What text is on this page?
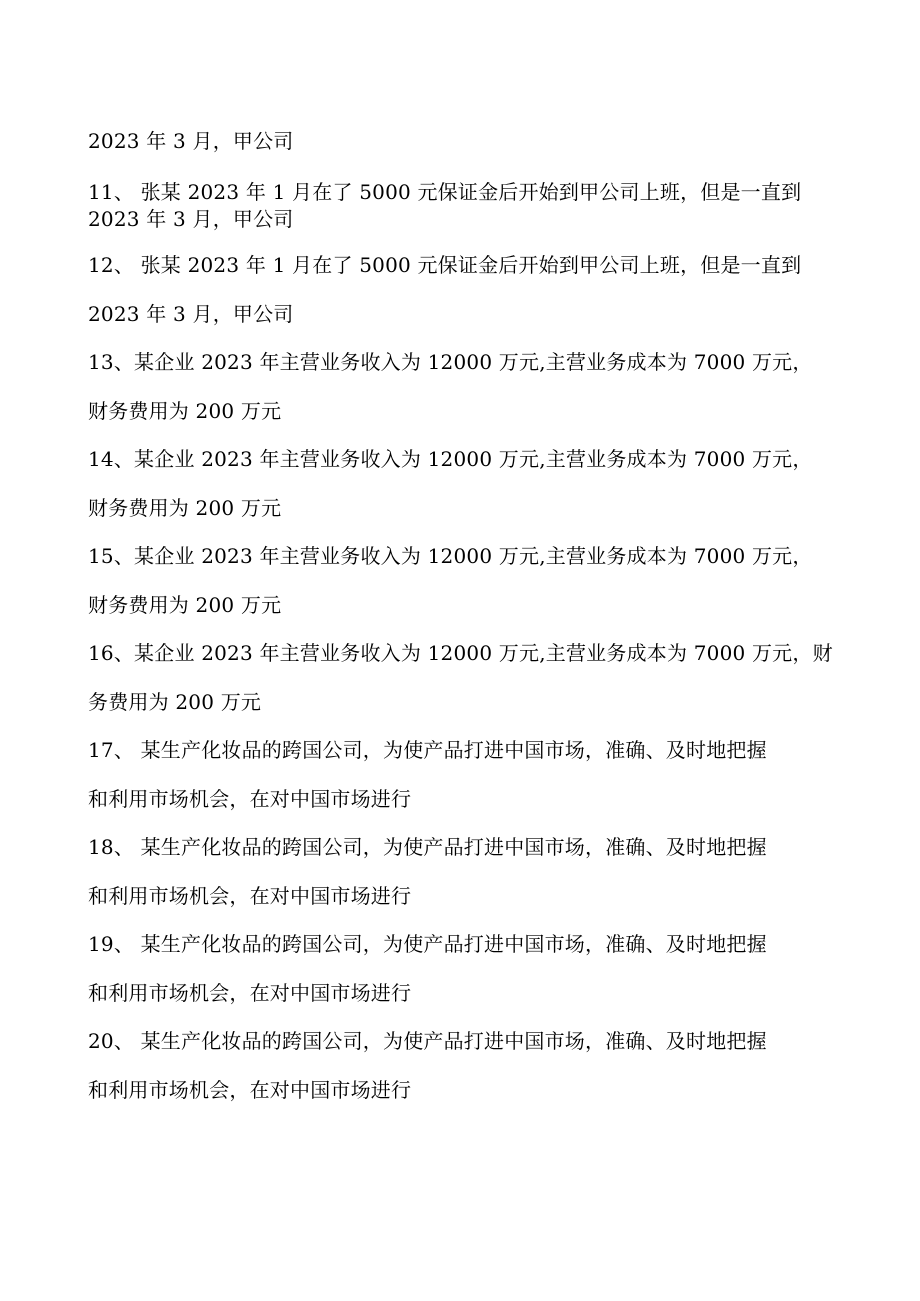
2023 年 3 月，甲公司
11、 张某 2023 年 1 月在了 5000 元保证金后开始到甲公司上班，但是一直到
2023 年 3 月，甲公司
12、 张某 2023 年 1 月在了 5000 元保证金后开始到甲公司上班，但是一直到
2023 年 3 月，甲公司
13、某企业 2023 年主营业务收入为 12000 万元,主营业务成本为 7000 万元，
财务费用为 200 万元
14、某企业 2023 年主营业务收入为 12000 万元,主营业务成本为 7000 万元，
财务费用为 200 万元
15、某企业 2023 年主营业务收入为 12000 万元,主营业务成本为 7000 万元，
财务费用为 200 万元
16、某企业 2023 年主营业务收入为 12000 万元,主营业务成本为 7000 万元，财
务费用为 200 万元
17、 某生产化妆品的跨国公司，为使产品打进中国市场，准确、及时地把握
和利用市场机会，在对中国市场进行
18、 某生产化妆品的跨国公司，为使产品打进中国市场，准确、及时地把握
和利用市场机会，在对中国市场进行
19、 某生产化妆品的跨国公司，为使产品打进中国市场，准确、及时地把握
和利用市场机会，在对中国市场进行
20、 某生产化妆品的跨国公司，为使产品打进中国市场，准确、及时地把握
和利用市场机会，在对中国市场进行
